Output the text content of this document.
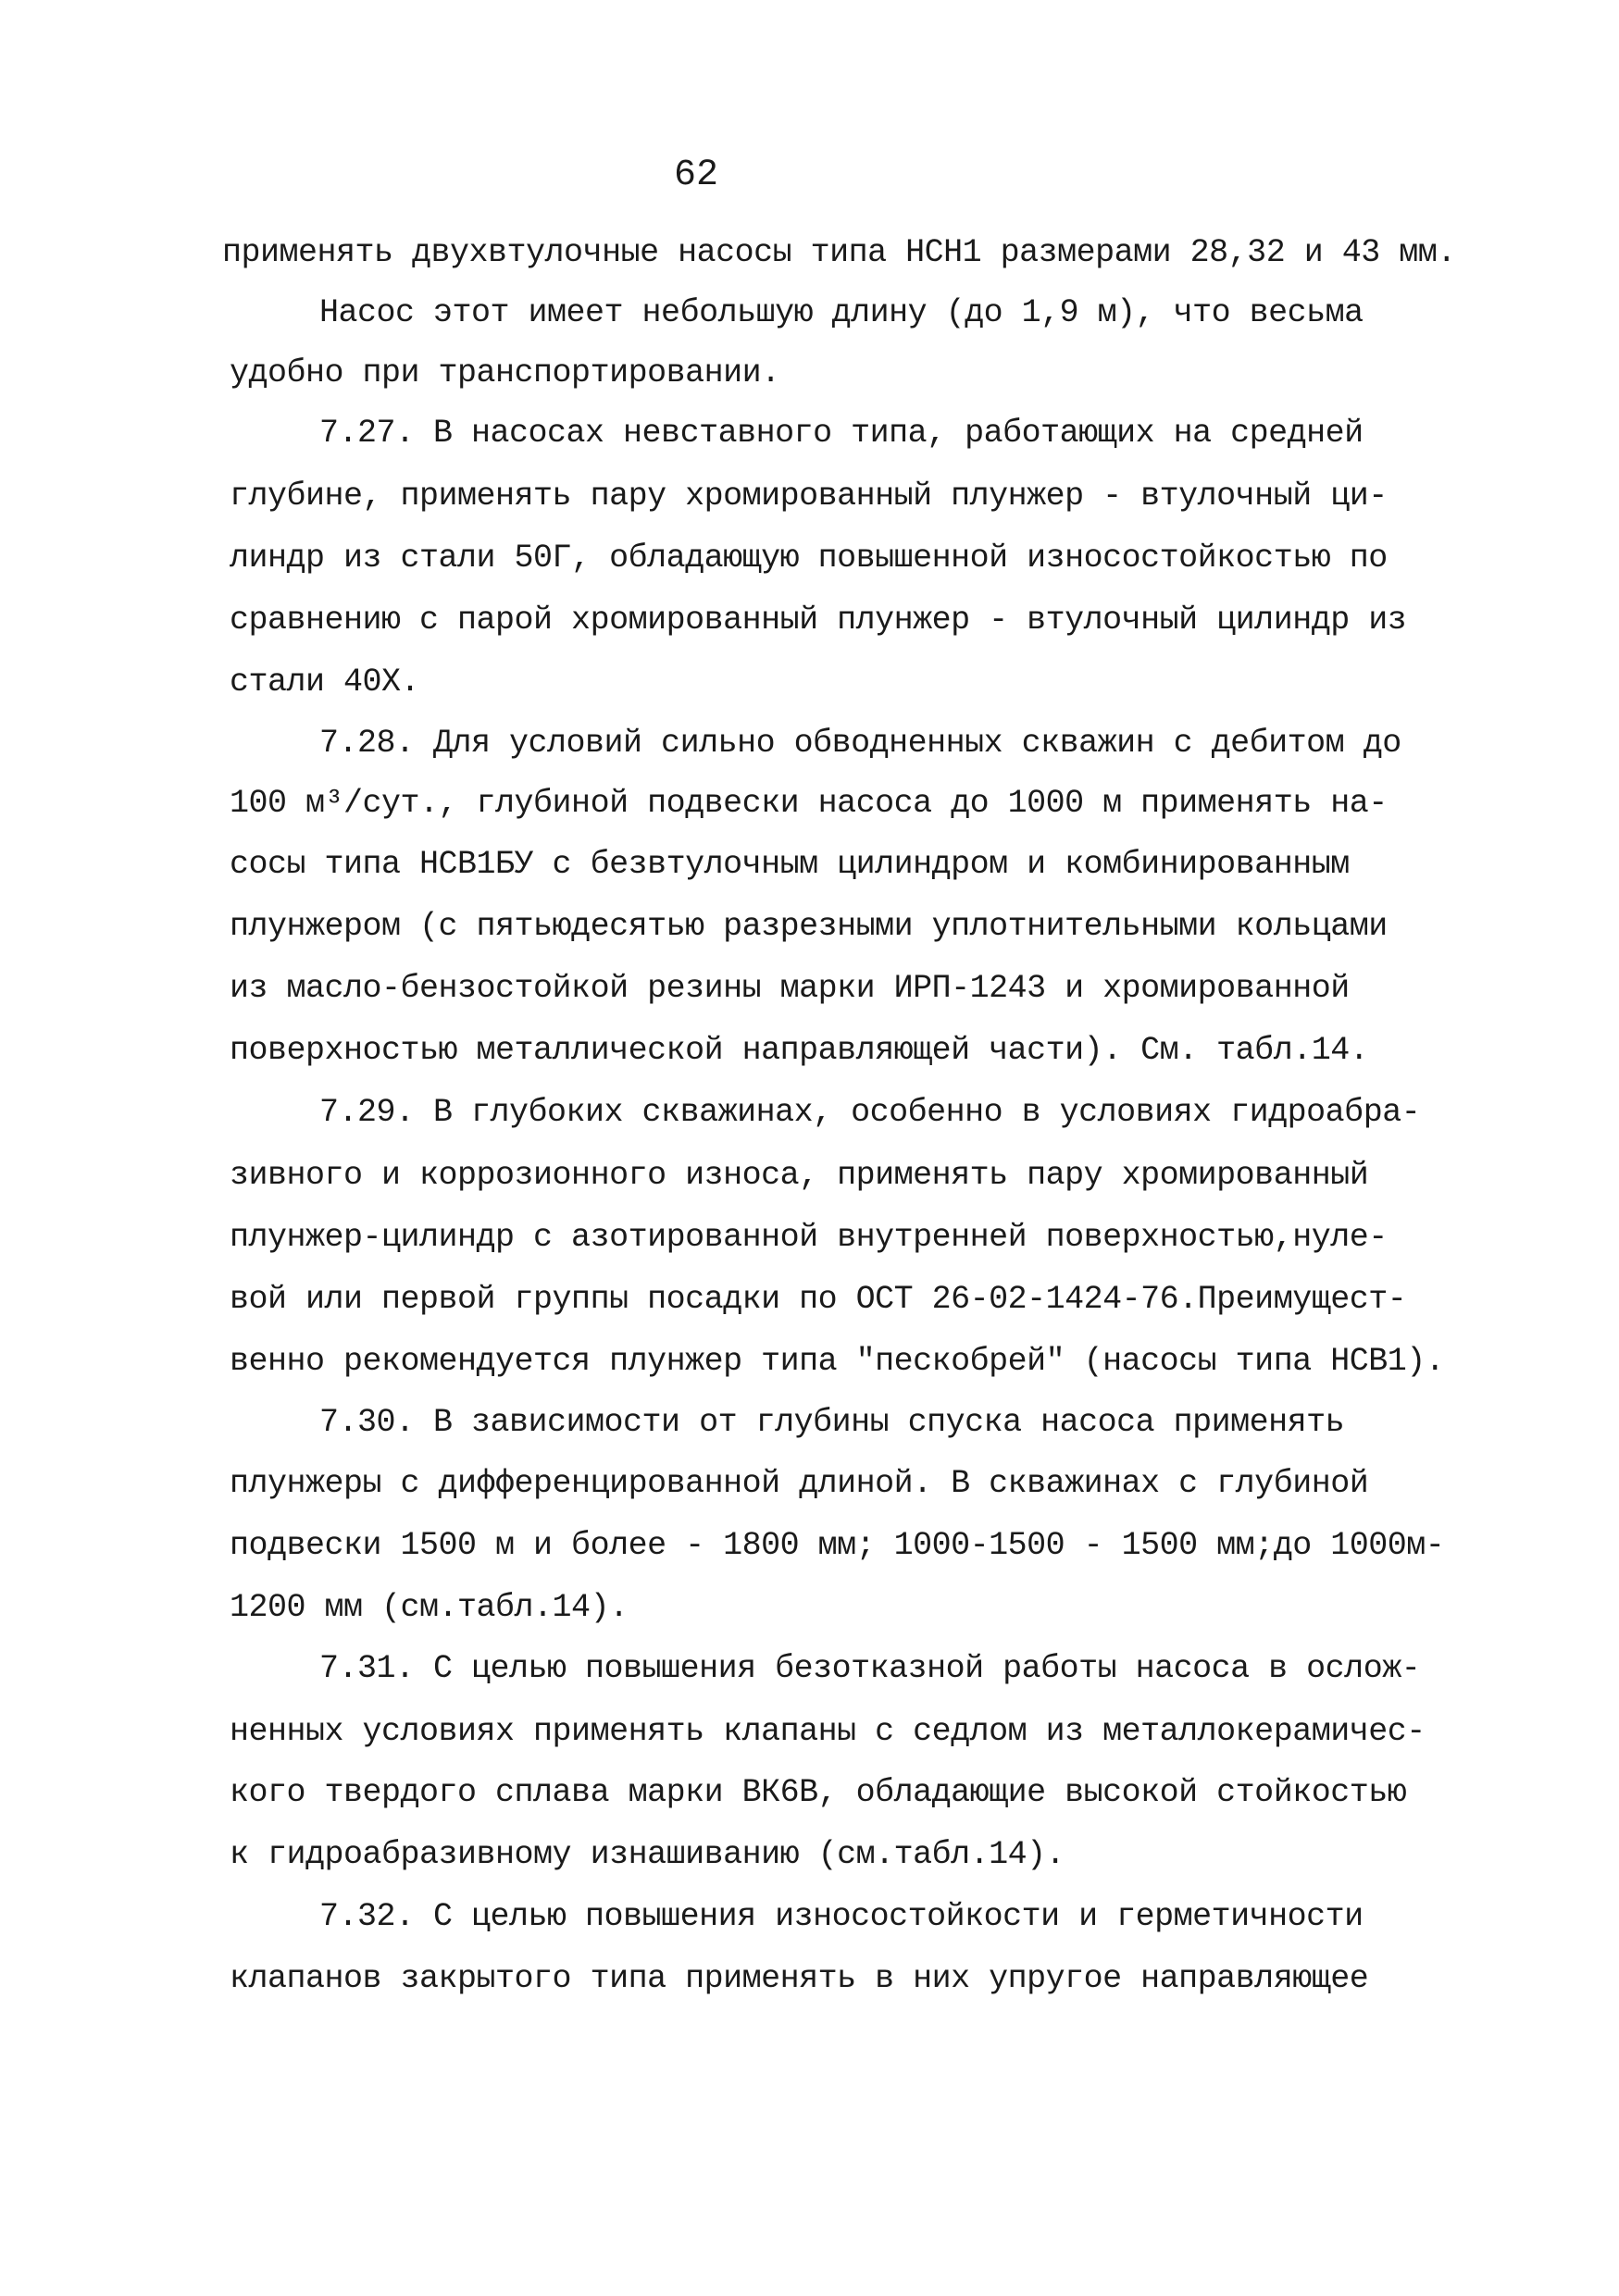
62
применять двухвтулочные насосы типа НСН1 размерами 28,32 и 43 мм.
Насос этот имеет небольшую длину (до 1,9 м), что весьма
удобно при транспортировании.
7.27. В насосах невставного типа, работающих на средней
глубине, применять пару хромированный плунжер - втулочный ци-
линдр из стали 50Г, обладающую повышенной износостойкостью по
сравнению с парой хромированный плунжер - втулочный цилиндр из
стали 40Х.
7.28. Для условий сильно обводненных скважин с дебитом до
100 м³/сут., глубиной подвески насоса до 1000 м применять на-
сосы типа НСВ1БУ с безвтулочным цилиндром и комбинированным
плунжером (с пятьюдесятью разрезными уплотнительными кольцами
из масло-бензостойкой резины марки ИРП-1243 и хромированной
поверхностью металлической направляющей части). См. табл.14.
7.29. В глубоких скважинах, особенно в условиях гидроабра-
зивного и коррозионного износа, применять пару хромированный
плунжер-цилиндр с азотированной внутренней поверхностью,нуле-
вой или первой группы посадки по ОСТ 26-02-1424-76.Преимущест-
венно рекомендуется плунжер типа "пескобрей" (насосы типа НСВ1).
7.30. В зависимости от глубины спуска насоса применять
плунжеры с дифференцированной длиной. В скважинах с глубиной
подвески 1500 м и более - 1800 мм; 1000-1500 - 1500 мм;до 1000м-
1200 мм (см.табл.14).
7.31. С целью повышения безотказной работы насоса в ослож-
ненных условиях применять клапаны с седлом из металлокерамичес-
кого твердого сплава марки ВК6В, обладающие высокой стойкостью
к гидроабразивному изнашиванию (см.табл.14).
7.32. С целью повышения износостойкости и герметичности
клапанов закрытого типа применять в них упругое направляющее
